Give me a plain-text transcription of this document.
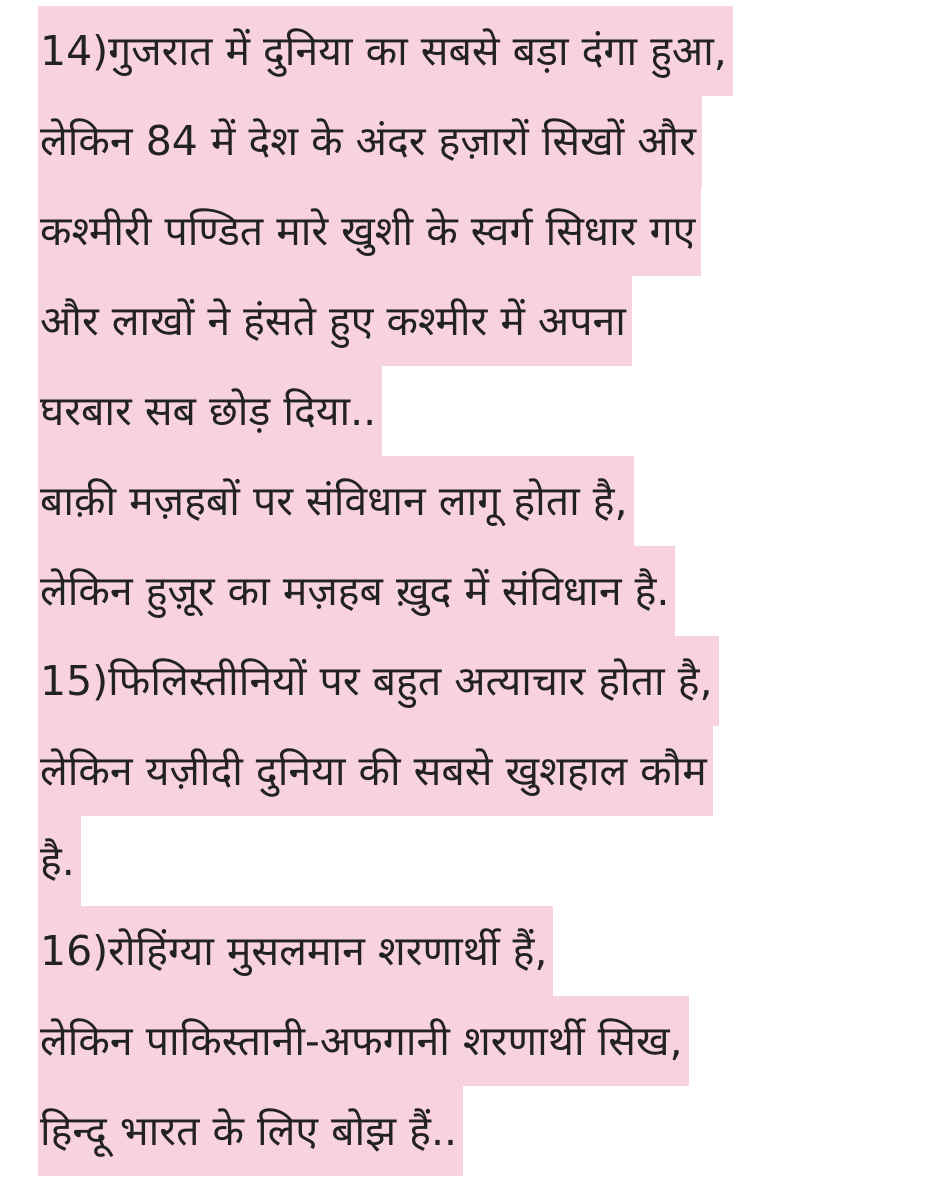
14)गुजरात में दुनिया का सबसे बड़ा दंगा हुआ,
लेकिन 84 में देश के अंदर हज़ारों सिखों और
कश्मीरी पण्डित मारे खुशी के स्वर्ग सिधार गए
और लाखों ने हंसते हुए कश्मीर में अपना
घरबार सब छोड़ दिया..
बाक़ी मज़हबों पर संविधान लागू होता है,
लेकिन हुज़ूर का मज़हब ख़ुद में संविधान है.
15)फिलिस्तीनियों पर बहुत अत्याचार होता है,
लेकिन यज़ीदी दुनिया की सबसे खुशहाल कौम
है.
16)रोहिंग्या मुसलमान शरणार्थी हैं,
लेकिन पाकिस्तानी-अफगानी शरणार्थी सिख,
हिन्दू भारत के लिए बोझ हैं..
